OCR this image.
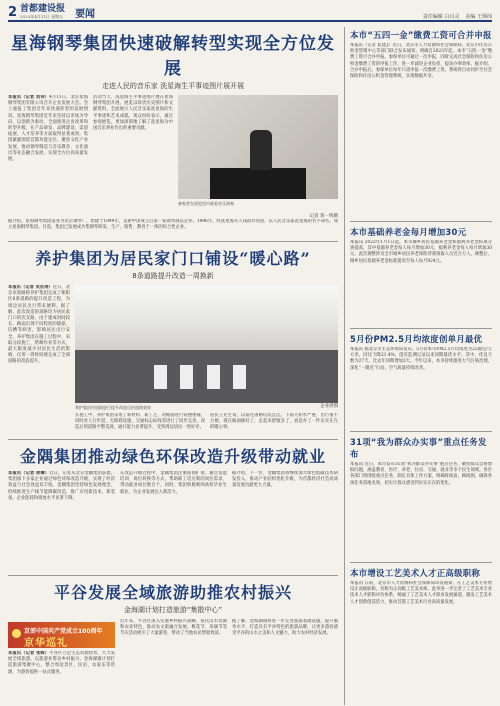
2 首都建设报
2023年4月21日 星期五 要闻	责任编辑 白百灵 美编 王炳纬
星海钢琴集团快速破解转型实现全方位发展
走进人民的音乐家 洗星海生平事迹图片展开展
本报讯（记者 刘诗）4月11日，北京星海钢琴集团有限公司召开企业发展大会。会上通报了集团近年来快速转型的发展情况。星海钢琴集团近年来坚持以市场为导向，以创新为驱动，全面推进企业改革和转型升级，在产品研发、品牌建设、渠道拓展、人才培养等方面取得显著成效。集团紧紧围绕首都功能定位，聚焦文化产业发展，推动钢琴制造与音乐教育、文化演出等业态融合发展，实现全方位高质量发展。
活动当天，冼星海生平事迹图片展在星海钢琴集团开展。展览以珍贵历史图片和文献资料，全面展示人民音乐家冼星海的生平事迹和艺术成就。观众纷纷表示，通过参观展览，更加深刻地了解了冼星海为中国音乐事业作出的重要贡献。
参观者在展览馆内观看音乐演奏
记者 蒋一鸣摄
据介绍，星海钢琴集团前身为北京钢琴厂，始建于1949年，是新中国成立后第一家钢琴制造企业。1996年，经冼星海夫人钱韵玲同意，以人民音乐家冼星海的名字命名，成立星海钢琴集团。目前，集团已发展成为集钢琴研发、生产、销售、教育于一体的综合性企业。
养护集团为居民家门口铺设“暖心路”
8条道路提升改造一周换新
本报讯（记者 吴京涛）近日，北京市政路桥养护集团完成了朝阳区8条道路的提升改造工程，为周边居民出行带来便利。据了解，此次改造的道路均为居民家门口的次支路，由于建成时间较长，路面出现不同程度的破损、坑槽等病害，影响居民出行安全。养护集团在施工过程中，采取分段施工、错峰作业等方式，最大限度减少对居民生活的影响，仅用一周时间便完成了全部道路的改造提升。
养护集团对道路进行提升改造后的道路效果	企业供图
在施工中，养护集团采用了新材料、新工艺，对路面进行铣刨重铺，同时对人行步道、无障碍设施、交通标志标线等进行了同步完善。改造后的道路平整美观，通行能力显著提升，受到周边居民一致好评。
居民王先生说，以前这条路坑坑洼洼，下雨天积水严重，出行很不方便。现在路面修好了，走起来舒服多了，真是办了一件实实在在的暖心事。
金隅集团推动绿色环保改造升级带动就业
本报讯（记者 徐琳）近日，记者从北京金隅集团获悉，集团旗下多家企业通过绿色环保改造升级，实现了经济效益与社会效益双丰收。金隅集团坚持绿色发展理念，持续推进生产线节能降碳改造，推广应用新技术、新装备，企业能耗和排放水平显著下降。
在改造升级过程中，金隅集团注重稳岗扩岗，通过技能培训、岗位转换等方式，帮助职工适应新的岗位需求，带动就业岗位数百个。同时，集团积极吸纳高校毕业生就业，为企业发展注入新活力。
据介绍，下一步，金隅集团将继续加大绿色低碳技术研发投入，推动产业结构优化升级，为首都经济社会高质量发展贡献更大力量。
平谷发展全域旅游助推农村振兴
金海湖计划打造旅游“集散中心”
京郊中国共产党成立100周年
京华巡礼
本报讯（记者 张辉）平谷区立足生态资源优势，大力发展全域旅游，以旅游业带动乡村振兴。金海湖镇计划打造旅游集散中心，整合周边景区、民宿、农家乐等资源，为游客提供一站式服务。
近年来，平谷区深入实施乡村振兴战略，依托山水资源和农业特色，推动农文旅融合发展。桃花节、采摘节等节庆活动吸引了大量游客，带动了当地农民增收致富。
据了解，金海湖镇将进一步完善旅游基础设施，提升服务水平，打造具有平谷特色的旅游品牌，让更多游客感受平谷的山水之美和人文魅力，助力农村经济发展。
本市“五四一金”缴费工资可合并申报
本报讯（记者 崔建】）近日，北京市人力资源和社会保障局、北京市住房公积金管理中心等部门联合发布通知，明确自2023年起，本市“五险一金”缴费工资可合并申报。参保单位可通过一次申报，同时完成社会保险和住房公积金缴费工资的申报工作，进一步减轻企业负担，提高办事效率。据介绍，合并申报后，参保单位每年只需申报一次缴费工资，系统将自动同步至社会保险和住房公积金管理系统，实现数据共享。
本市基础养老金每月增加30元
本报讯 2023年1月1日起，本市城乡居民基础养老金和福利养老金标准分别提高，其中基础养老金每人每月增加30元，福利养老金每人每月增加30元。此次调整涉及全市城乡居民养老保险待遇领取人员近百万人。调整后，城乡居民基础养老金标准提高至每人每月924元。
5月份PM2.5月均浓度创单月最优
本报讯 据北京市生态环境局发布，5月份本市PM2.5月均浓度为22微克/立方米，同比下降21.4%，创有监测记录以来同期最优水平。其中，优良天数为27天，比去年同期增加3天。今年以来，本市持续推进大气污染治理，深化“一微克”行动，空气质量持续改善。
31项“我为群众办实事”重点任务发布
本报讯 近日，本市发布31项“我为群众办实事”重点任务，聚焦群众急难愁盼问题，涵盖教育、医疗、养老、住房、交通、就业等多个民生领域。各区各部门将围绕重点任务，制定具体工作方案，明确时间表、路线图，确保各项任务落地见效，切实让群众感受到实实在在的变化。
本市增设工艺美术人才正高级职称
本报讯 日前，北京市人力资源和社会保障局印发通知，在工艺美术专业增设正高级职称，名称为正高级工艺美术师。此举进一步完善了工艺美术专业技术人才职称评价体系，畅通了工艺美术人才职业发展通道，激发工艺美术人才创新创造活力，推动首都工艺美术行业高质量发展。
